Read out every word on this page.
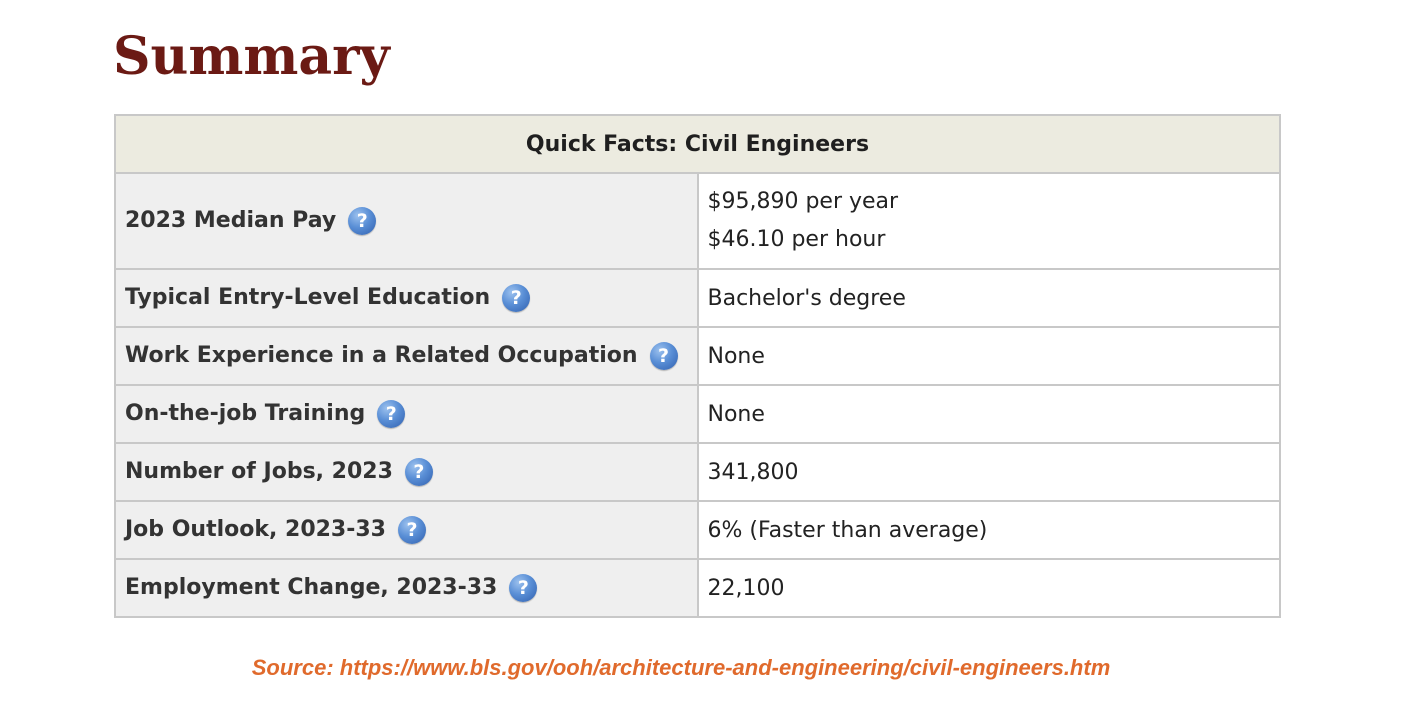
Summary
Quick Facts: Civil Engineers	
2023 Median Pay ?	$95,890 per year
$46.10 per hour

Typical Entry-Level Education ?	Bachelor's degree
Work Experience in a Related Occupation ?	None
On-the-job Training ?	None
Number of Jobs, 2023 ?	341,800
Job Outlook, 2023-33 ?	6% (Faster than average)
Employment Change, 2023-33 ?	22,100
Source: https://www.bls.gov/ooh/architecture-and-engineering/civil-engineers.htm
